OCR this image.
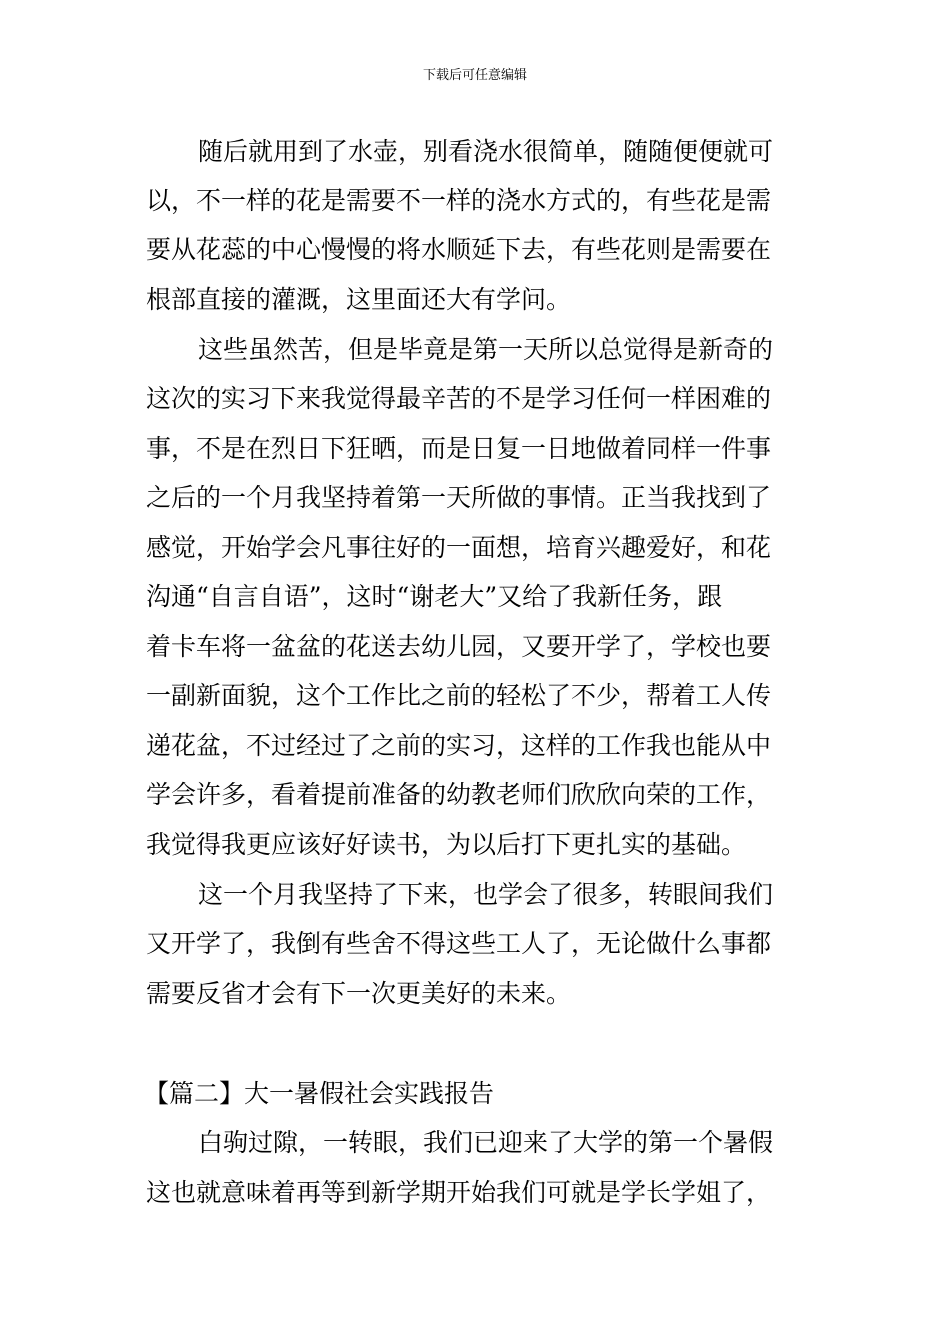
下载后可任意编辑
随后就用到了水壶，别看浇水很简单，随随便便就可
以，不一样的花是需要不一样的浇水方式的，有些花是需
要从花蕊的中心慢慢的将水顺延下去，有些花则是需要在
根部直接的灌溉，这里面还大有学问。
这些虽然苦，但是毕竟是第一天所以总觉得是新奇的
这次的实习下来我觉得最辛苦的不是学习任何一样困难的
事，不是在烈日下狂晒，而是日复一日地做着同样一件事
之后的一个月我坚持着第一天所做的事情。正当我找到了
感觉，开始学会凡事往好的一面想，培育兴趣爱好，和花
沟通“自言自语”，这时“谢老大”又给了我新任务，跟
着卡车将一盆盆的花送去幼儿园，又要开学了，学校也要
一副新面貌，这个工作比之前的轻松了不少，帮着工人传
递花盆，不过经过了之前的实习，这样的工作我也能从中
学会许多，看着提前准备的幼教老师们欣欣向荣的工作，
我觉得我更应该好好读书，为以后打下更扎实的基础。
这一个月我坚持了下来，也学会了很多，转眼间我们
又开学了，我倒有些舍不得这些工人了，无论做什么事都
需要反省才会有下一次更美好的未来。
【篇二】大一暑假社会实践报告
白驹过隙，一转眼，我们已迎来了大学的第一个暑假
这也就意味着再等到新学期开始我们可就是学长学姐了，
